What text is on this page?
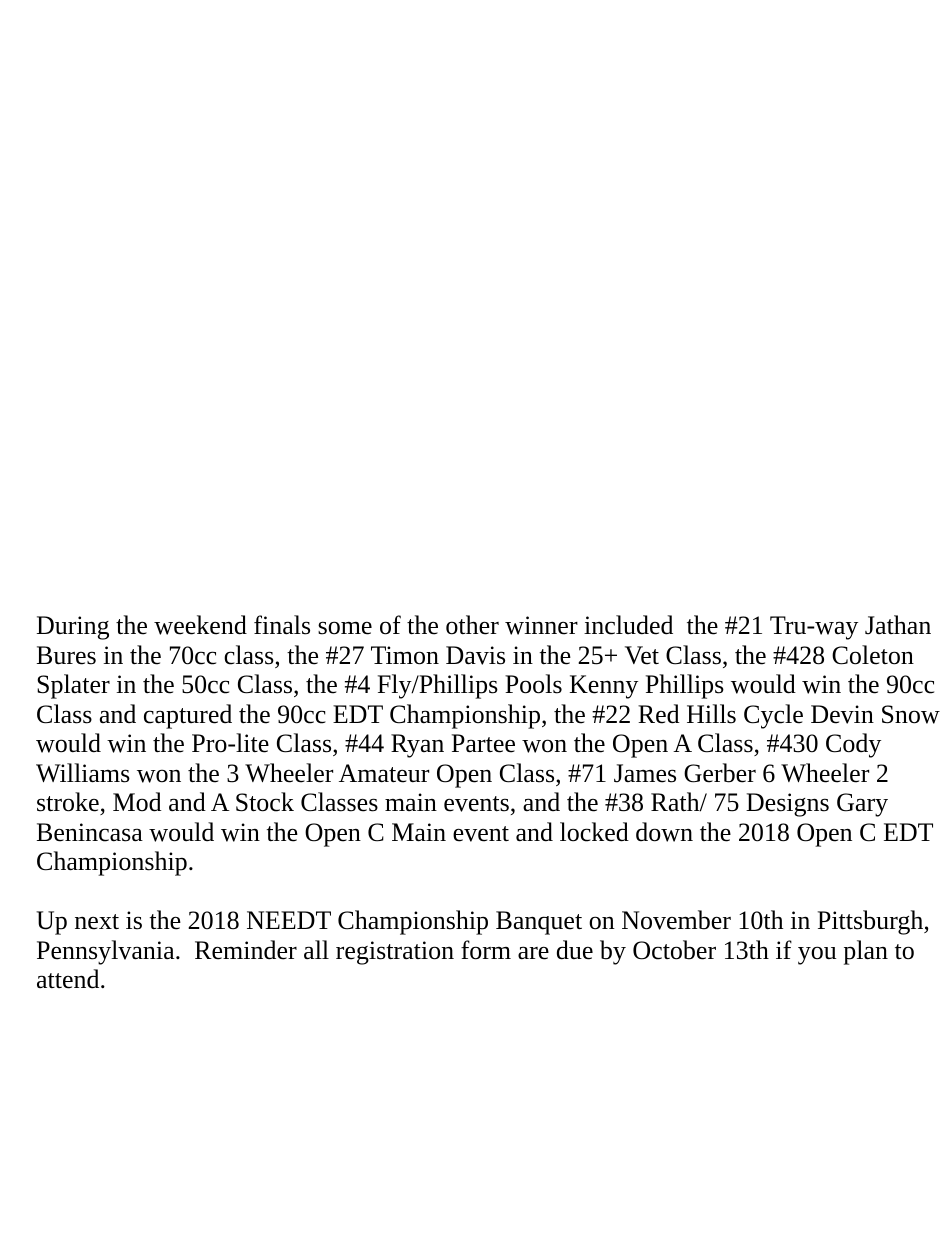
During the weekend finals some of the other winner included  the #21 Tru-way Jathan
Bures in the 70cc class, the #27 Timon Davis in the 25+ Vet Class, the #428 Coleton
Splater in the 50cc Class, the #4 Fly/Phillips Pools Kenny Phillips would win the 90cc
Class and captured the 90cc EDT Championship, the #22 Red Hills Cycle Devin Snow
would win the Pro-lite Class, #44 Ryan Partee won the Open A Class, #430 Cody
Williams won the 3 Wheeler Amateur Open Class, #71 James Gerber 6 Wheeler 2
stroke, Mod and A Stock Classes main events, and the #38 Rath/ 75 Designs Gary
Benincasa would win the Open C Main event and locked down the 2018 Open C EDT
Championship.
Up next is the 2018 NEEDT Championship Banquet on November 10th in Pittsburgh,
Pennsylvania.  Reminder all registration form are due by October 13th if you plan to
attend.
